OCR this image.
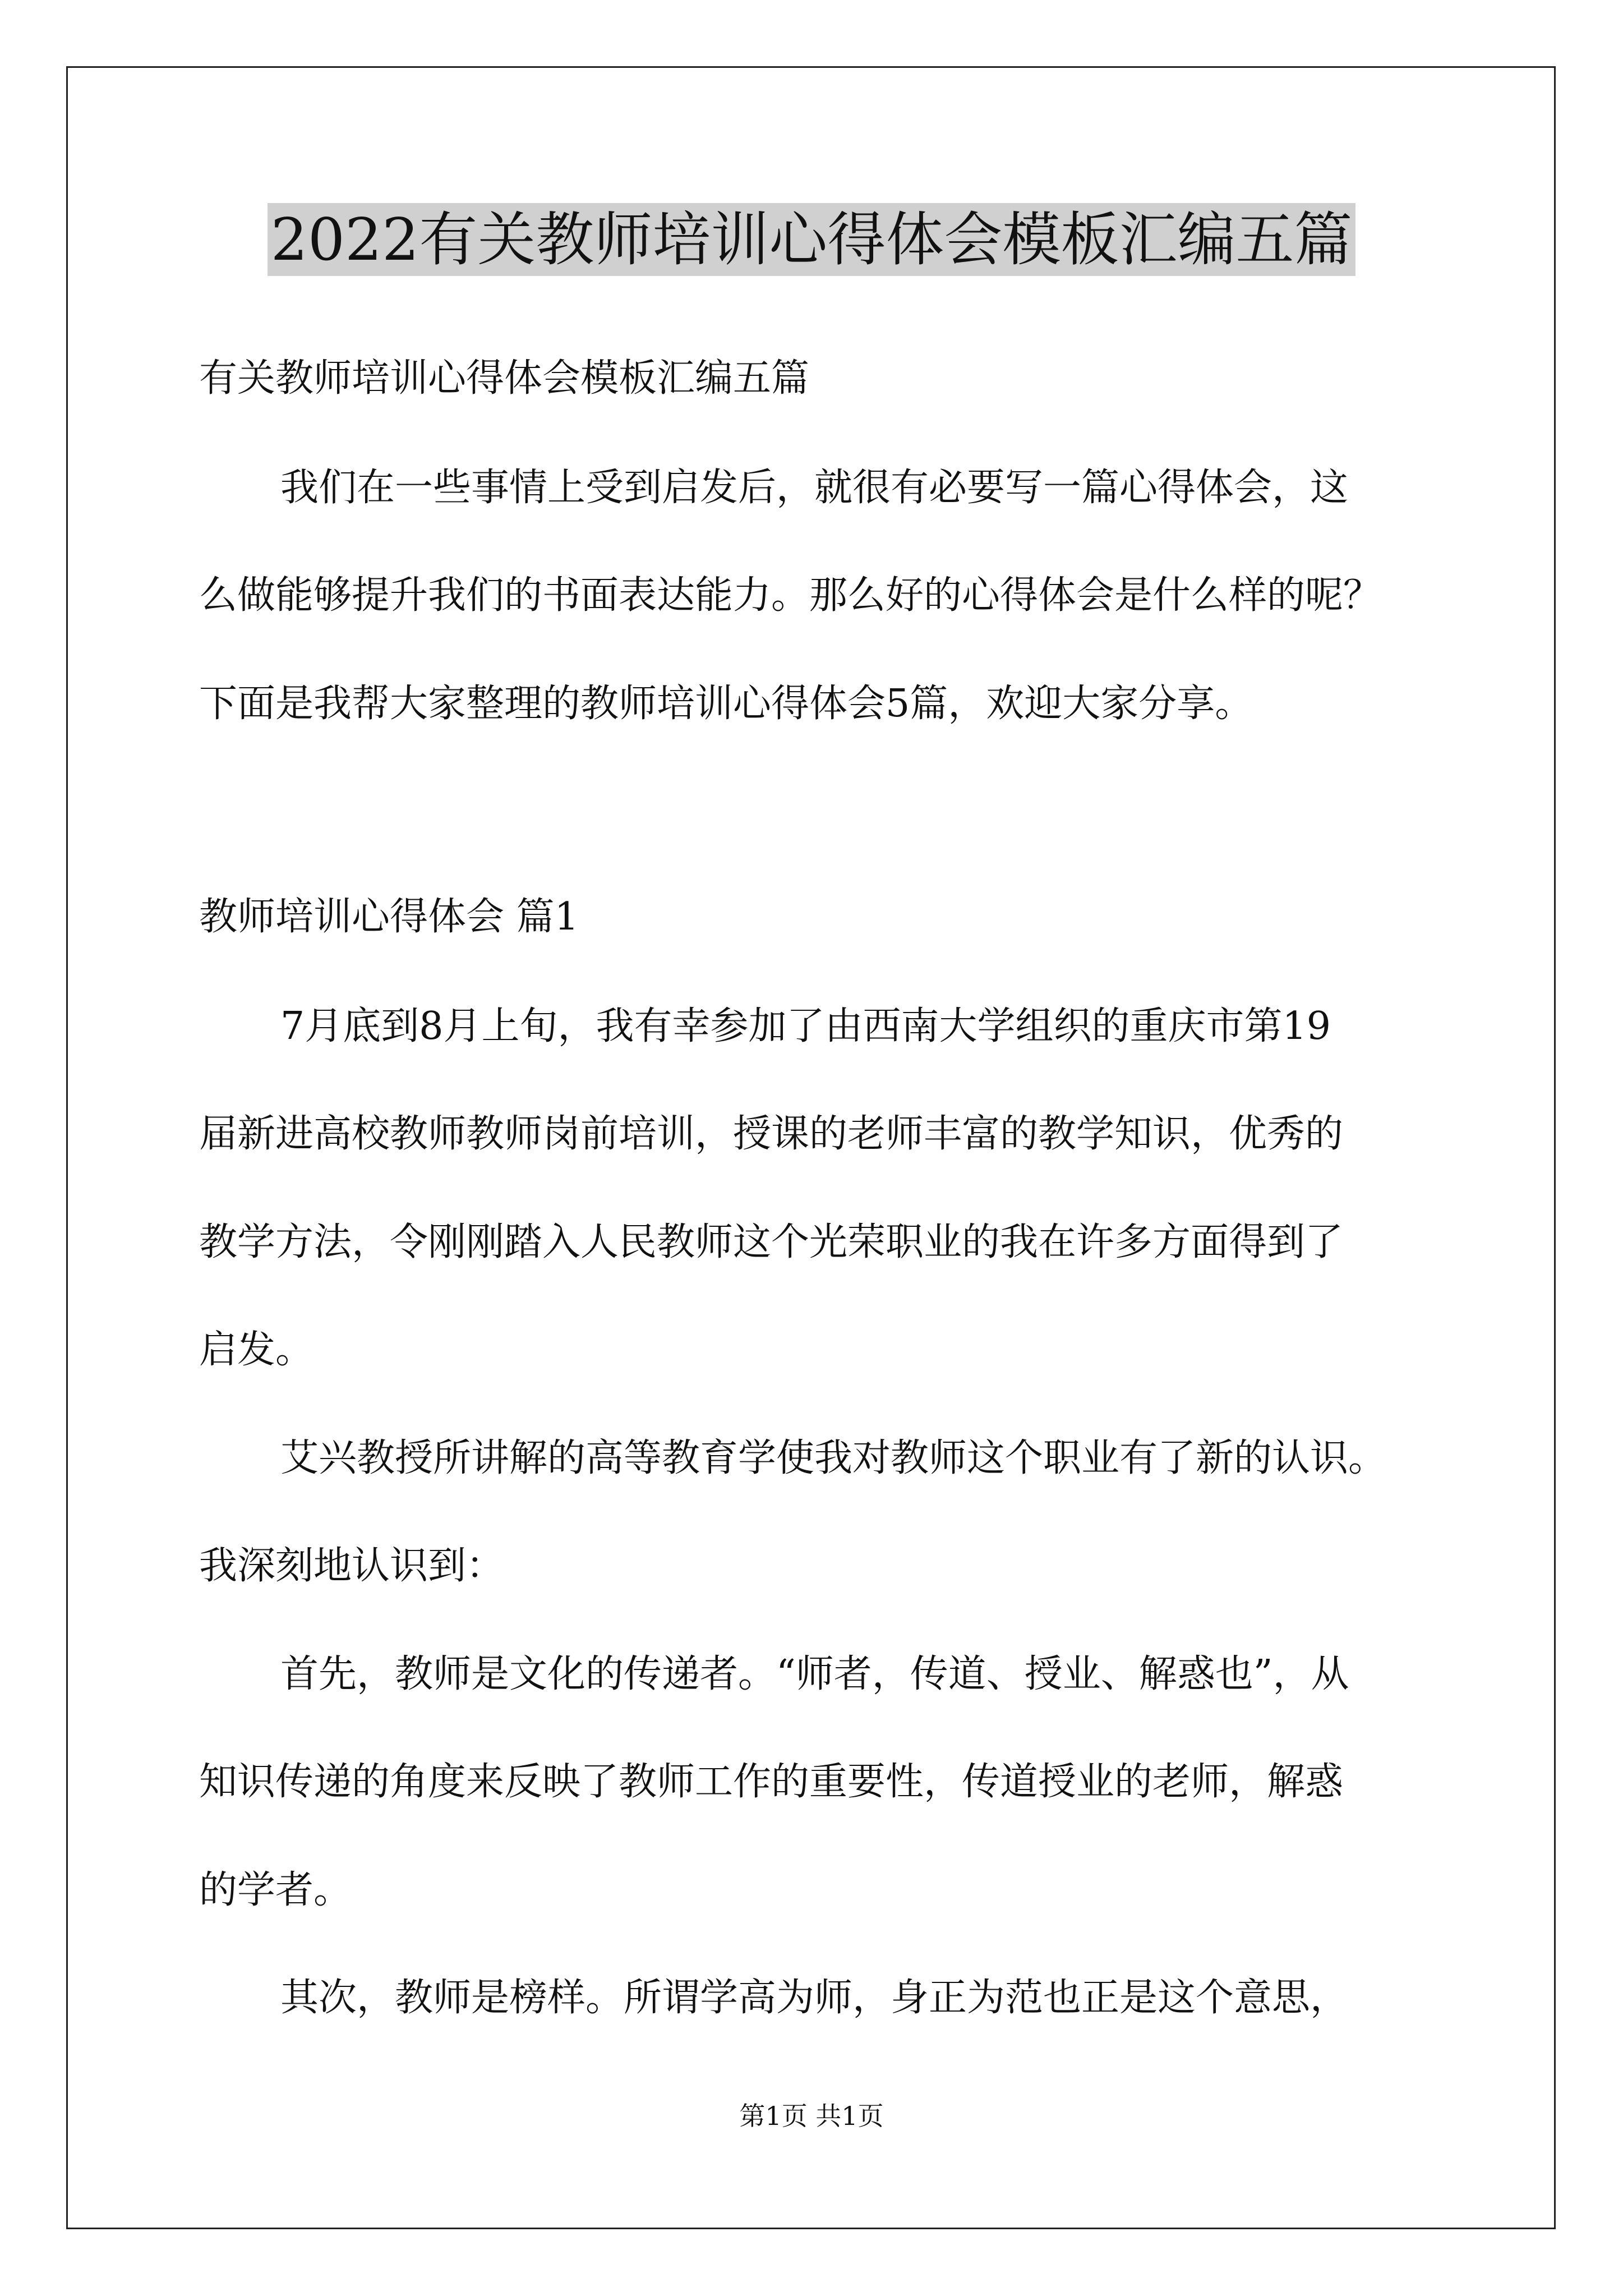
2022有关教师培训心得体会模板汇编五篇
有关教师培训心得体会模板汇编五篇
我们在一些事情上受到启发后，就很有必要写一篇心得体会，这
么做能够提升我们的书面表达能力。那么好的心得体会是什么样的呢？
下面是我帮大家整理的教师培训心得体会5篇，欢迎大家分享。
教师培训心得体会 篇1
7月底到8月上旬，我有幸参加了由西南大学组织的重庆市第19
届新进高校教师教师岗前培训，授课的老师丰富的教学知识，优秀的
教学方法，令刚刚踏入人民教师这个光荣职业的我在许多方面得到了
启发。
艾兴教授所讲解的高等教育学使我对教师这个职业有了新的认识。
我深刻地认识到：
首先，教师是文化的传递者。“师者，传道、授业、解惑也”，从
知识传递的角度来反映了教师工作的重要性，传道授业的老师，解惑
的学者。
其次，教师是榜样。所谓学高为师，身正为范也正是这个意思，
第1页 共1页
